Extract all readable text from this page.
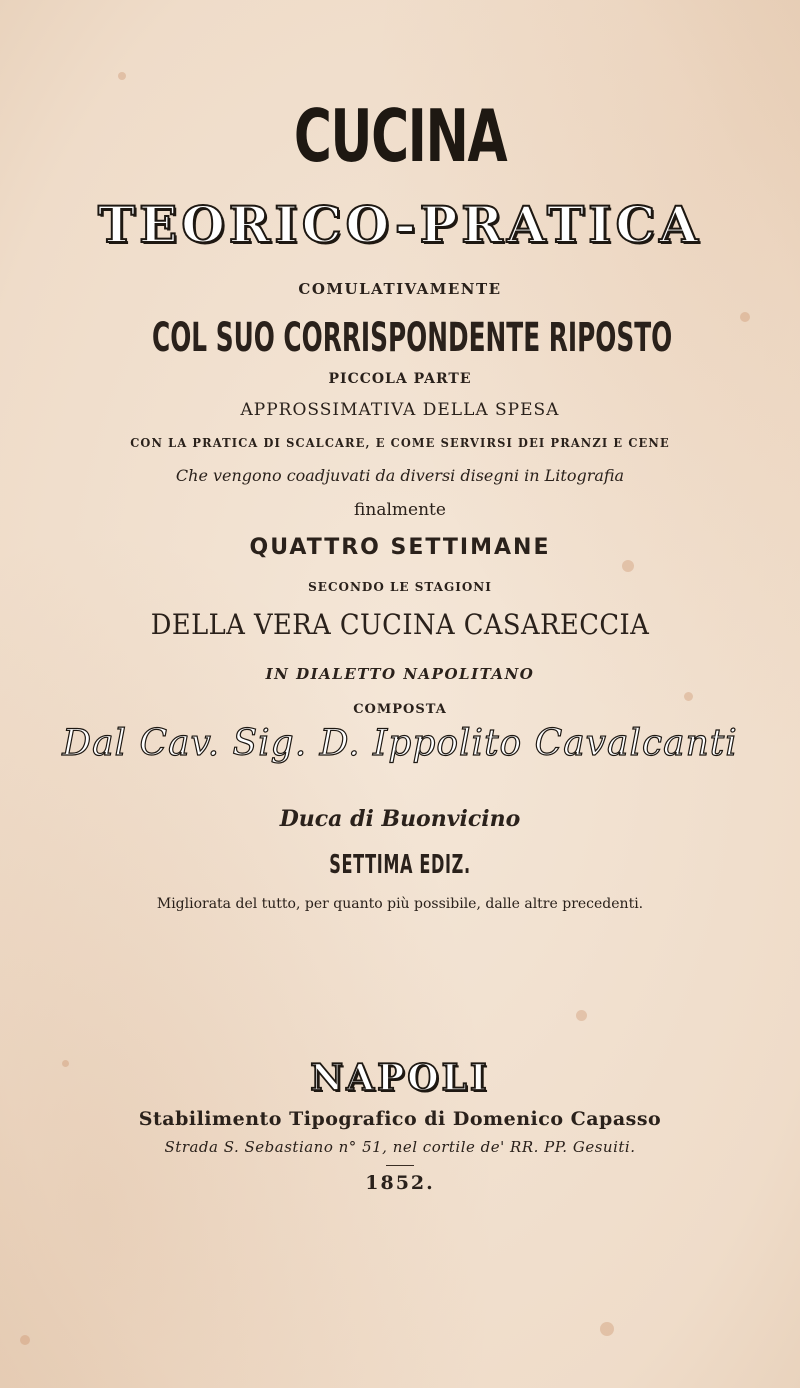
CUCINA
TEORICO-PRATICA
COMULATIVAMENTE
COL SUO CORRISPONDENTE RIPOSTO
PICCOLA PARTE
APPROSSIMATIVA DELLA SPESA
CON LA PRATICA DI SCALCARE, E COME SERVIRSI DEI PRANZI E CENE
Che vengono coadjuvati da diversi disegni in Litografia
finalmente
QUATTRO SETTIMANE
SECONDO LE STAGIONI
DELLA VERA CUCINA CASARECCIA
IN DIALETTO NAPOLITANO
COMPOSTA
Dal Cav. Sig. D. Ippolito Cavalcanti
Duca di Buonvicino
SETTIMA EDIZ.
Migliorata del tutto, per quanto più possibile, dalle altre precedenti.
NAPOLI
Stabilimento Tipografico di Domenico Capasso
Strada S. Sebastiano n° 51, nel cortile de' RR. PP. Gesuiti.
1852.
